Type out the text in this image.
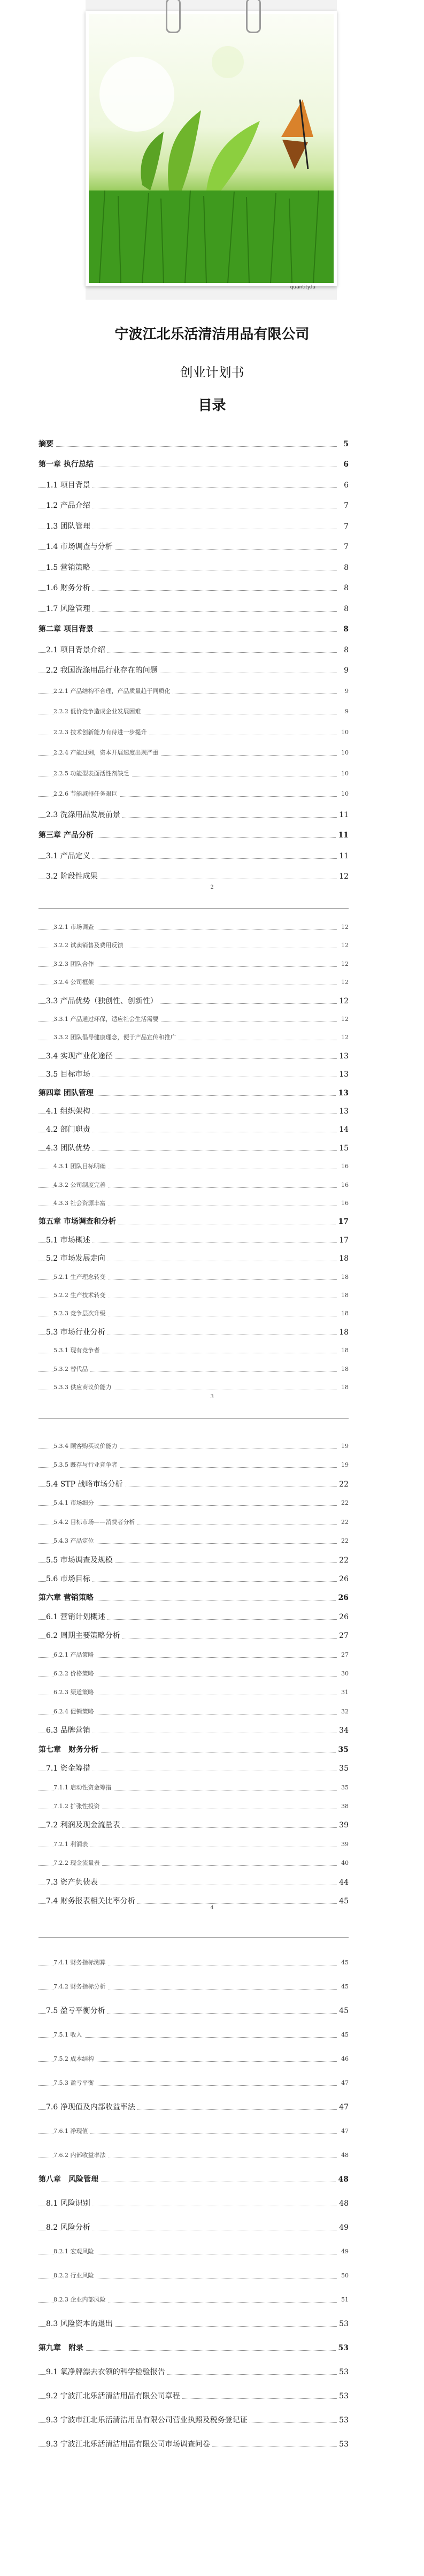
quantity.lu
宁波江北乐活清洁用品有限公司
创业计划书
目录
摘要	5
第一章 执行总结	6
1.1 项目背景	6
1.2 产品介绍	7
1.3 团队管理	7
1.4 市场调查与分析	7
1.5 营销策略	8
1.6 财务分析	8
1.7 风险管理	8
第二章 项目背景	8
2.1 项目背景介绍	8
2.2 我国洗涤用品行业存在的问题	9
2.2.1 产品结构不合理，产品质量趋于同质化	9
2.2.2 低价竞争造成企业发展困难	9
2.2.3 技术创新能力有待进一步提升	10
2.2.4 产能过剩，资本开展速度出现严重	10
2.2.5 功能型表面活性剂缺乏	10
2.2.6 节能减排任务艰巨	10
2.3 洗涤用品发展前景	11
第三章 产品分析	11
3.1 产品定义	11
3.2 阶段性成果	12
3.2.1 市场调查	12
3.2.2 试卖销售及费用反馈	12
3.2.3 团队合作	12
3.2.4 公司框架	12
3.3 产品优势（独创性、创新性）	12
3.3.1 产品通过环保，适应社会生活需要	12
3.3.2 团队倡导健康理念，便于产品宣传和推广	12
3.4 实现产业化途径	13
3.5 目标市场	13
第四章 团队管理	13
4.1 组织架构	13
4.2 部门职责	14
4.3 团队优势	15
4.3.1 团队目标明确	16
4.3.2 公司制度完善	16
4.3.3 社会资源丰富	16
第五章 市场调查和分析	17
5.1 市场概述	17
5.2 市场发展走向	18
5.2.1 生产理念转变	18
5.2.2 生产技术转变	18
5.2.3 竞争层次升级	18
5.3 市场行业分析	18
5.3.1 现有竞争者	18
5.3.2 替代品	18
5.3.3 供应商议价能力	18
5.3.4 顾客购买议价能力	19
5.3.5 既存与行业竞争者	19
5.4 STP 战略市场分析	22
5.4.1 市场细分	22
5.4.2 目标市场——消费者分析	22
5.4.3 产品定位	22
5.5 市场调查及规模	22
5.6 市场目标	26
第六章 营销策略	26
6.1 营销计划概述	26
6.2 周期主要策略分析	27
6.2.1 产品策略	27
6.2.2 价格策略	30
6.2.3 渠道策略	31
6.2.4 促销策略	32
6.3 品牌营销	34
第七章　财务分析	35
7.1 资金筹措	35
7.1.1 启动性资金筹措	35
7.1.2 扩张性投资	38
7.2 利润及现金流量表	39
7.2.1 利润表	39
7.2.2 现金流量表	40
7.3 资产负债表	44
7.4 财务报表相关比率分析	45
7.4.1 财务指标测算	45
7.4.2 财务指标分析	45
7.5 盈亏平衡分析	45
7.5.1 收入	45
7.5.2 成本结构	46
7.5.3 盈亏平衡	47
7.6 净现值及内部收益率法	47
7.6.1 净现值	47
7.6.2 内部收益率法	48
第八章　风险管理	48
8.1 风险识别	48
8.2 风险分析	49
8.2.1 宏观风险	49
8.2.2 行业风险	50
8.2.3 企业内部风险	51
8.3 风险资本的退出	53
第九章　附录	53
9.1 氧净牌漂去衣领的科学检验报告	53
9.2 宁波江北乐活清洁用品有限公司章程	53
9.3 宁波市江北乐活清洁用品有限公司营业执照及税务登记证	53
9.3 宁波江北乐活清洁用品有限公司市场调查问卷	53
2
3
4
